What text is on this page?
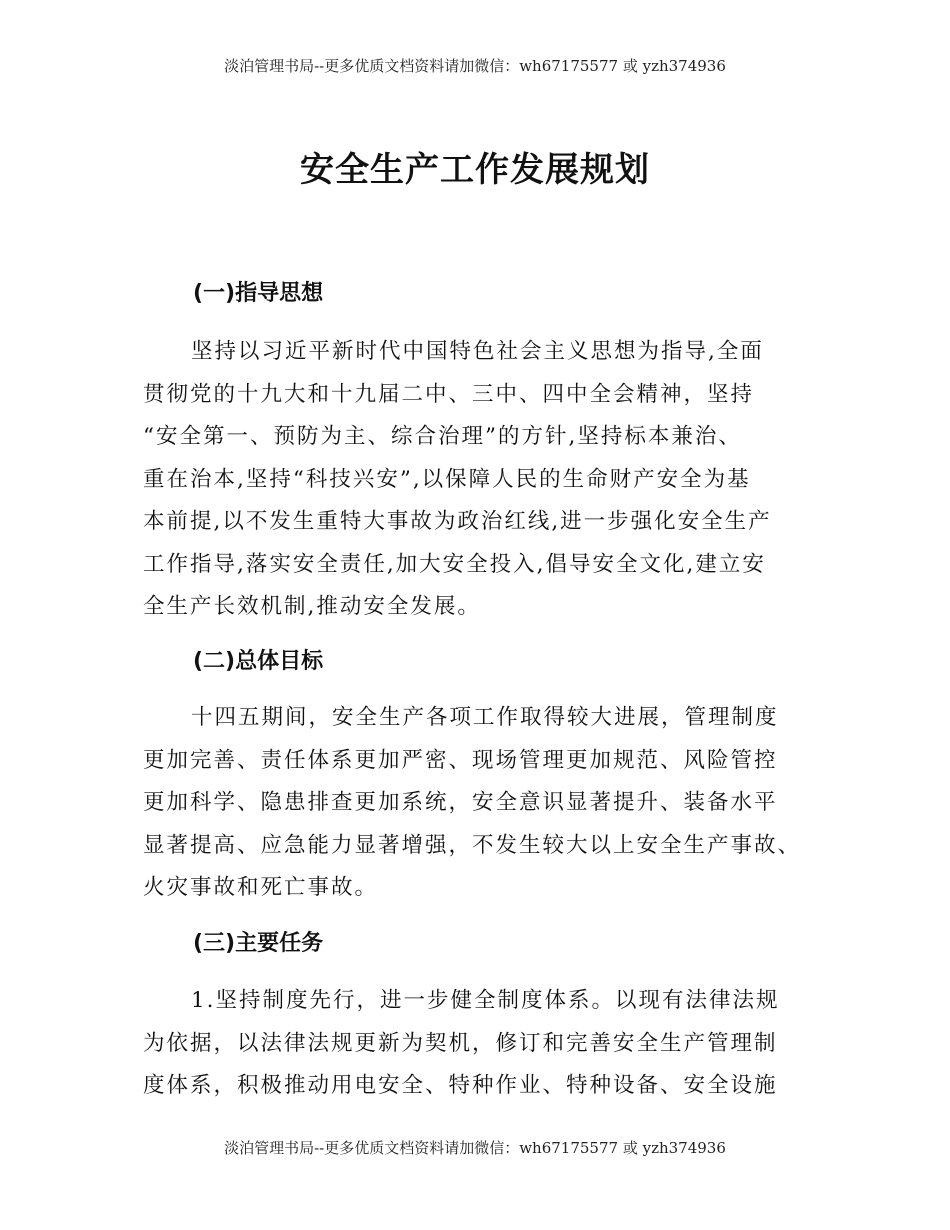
淡泊管理书局--更多优质文档资料请加微信：wh67175577 或 yzh374936
安全生产工作发展规划
(一)指导思想

坚持以习近平新时代中国特色社会主义思想为指导,全面
贯彻党的十九大和十九届二中、三中、四中全会精神，坚持
“安全第一、预防为主、综合治理”的方针,坚持标本兼治、
重在治本,坚持“科技兴安”,以保障人民的生命财产安全为基
本前提,以不发生重特大事故为政治红线,进一步强化安全生产
工作指导,落实安全责任,加大安全投入,倡导安全文化,建立安
全生产长效机制,推动安全发展。

(二)总体目标

十四五期间，安全生产各项工作取得较大进展，管理制度
更加完善、责任体系更加严密、现场管理更加规范、风险管控
更加科学、隐患排查更加系统，安全意识显著提升、装备水平
显著提高、应急能力显著增强，不发生较大以上安全生产事故、
火灾事故和死亡事故。

(三)主要任务

1.坚持制度先行，进一步健全制度体系。以现有法律法规
为依据，以法律法规更新为契机，修订和完善安全生产管理制
度体系，积极推动用电安全、特种作业、特种设备、安全设施

淡泊管理书局--更多优质文档资料请加微信：wh67175577 或 yzh374936
